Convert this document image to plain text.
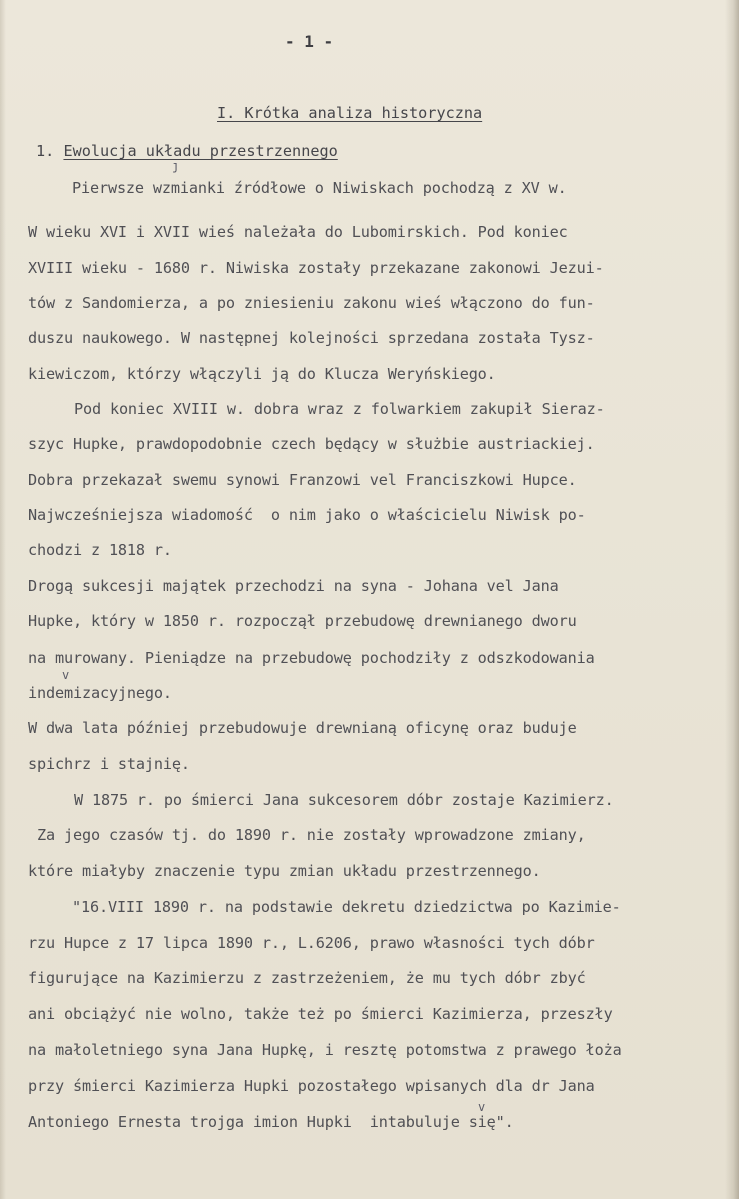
- 1 -
I. Krótka analiza historyczna
1. Ewolucja układu przestrzennego
Pierwsze wzmianki źródłowe o Niwiskach pochodzą z XV w.
W wieku XVI i XVII wieś należała do Lubomirskich. Pod koniec
XVIII wieku - 1680 r. Niwiska zostały przekazane zakonowi Jezui-
tów z Sandomierza, a po zniesieniu zakonu wieś włączono do fun-
duszu naukowego. W następnej kolejności sprzedana została Tysz-
kiewiczom, którzy włączyli ją do Klucza Weryńskiego.
Pod koniec XVIII w. dobra wraz z folwarkiem zakupił Sieraz-
szyc Hupke, prawdopodobnie czech będący w służbie austriackiej.
Dobra przekazał swemu synowi Franzowi vel Franciszkowi Hupce.
Najwcześniejsza wiadomość  o nim jako o właścicielu Niwisk po-
chodzi z 1818 r.
Drogą sukcesji majątek przechodzi na syna - Johana vel Jana
Hupke, który w 1850 r. rozpoczął przebudowę drewnianego dworu
na murowany. Pieniądze na przebudowę pochodziły z odszkodowania
indemizacyjnego.
W dwa lata później przebudowuje drewnianą oficynę oraz buduje
spichrz i stajnię.
W 1875 r. po śmierci Jana sukcesorem dóbr zostaje Kazimierz.
Za jego czasów tj. do 1890 r. nie zostały wprowadzone zmiany,
które miałyby znaczenie typu zmian układu przestrzennego.
"16.VIII 1890 r. na podstawie dekretu dziedzictwa po Kazimie-
rzu Hupce z 17 lipca 1890 r., L.6206, prawo własności tych dóbr
figurujące na Kazimierzu z zastrzeżeniem, że mu tych dóbr zbyć
ani obciążyć nie wolno, także też po śmierci Kazimierza, przeszły
na małoletniego syna Jana Hupkę, i resztę potomstwa z prawego łoża
przy śmierci Kazimierza Hupki pozostałego wpisanych dla dr Jana
Antoniego Ernesta trojga imion Hupki  intabuluje się".
ȷ
v
v
